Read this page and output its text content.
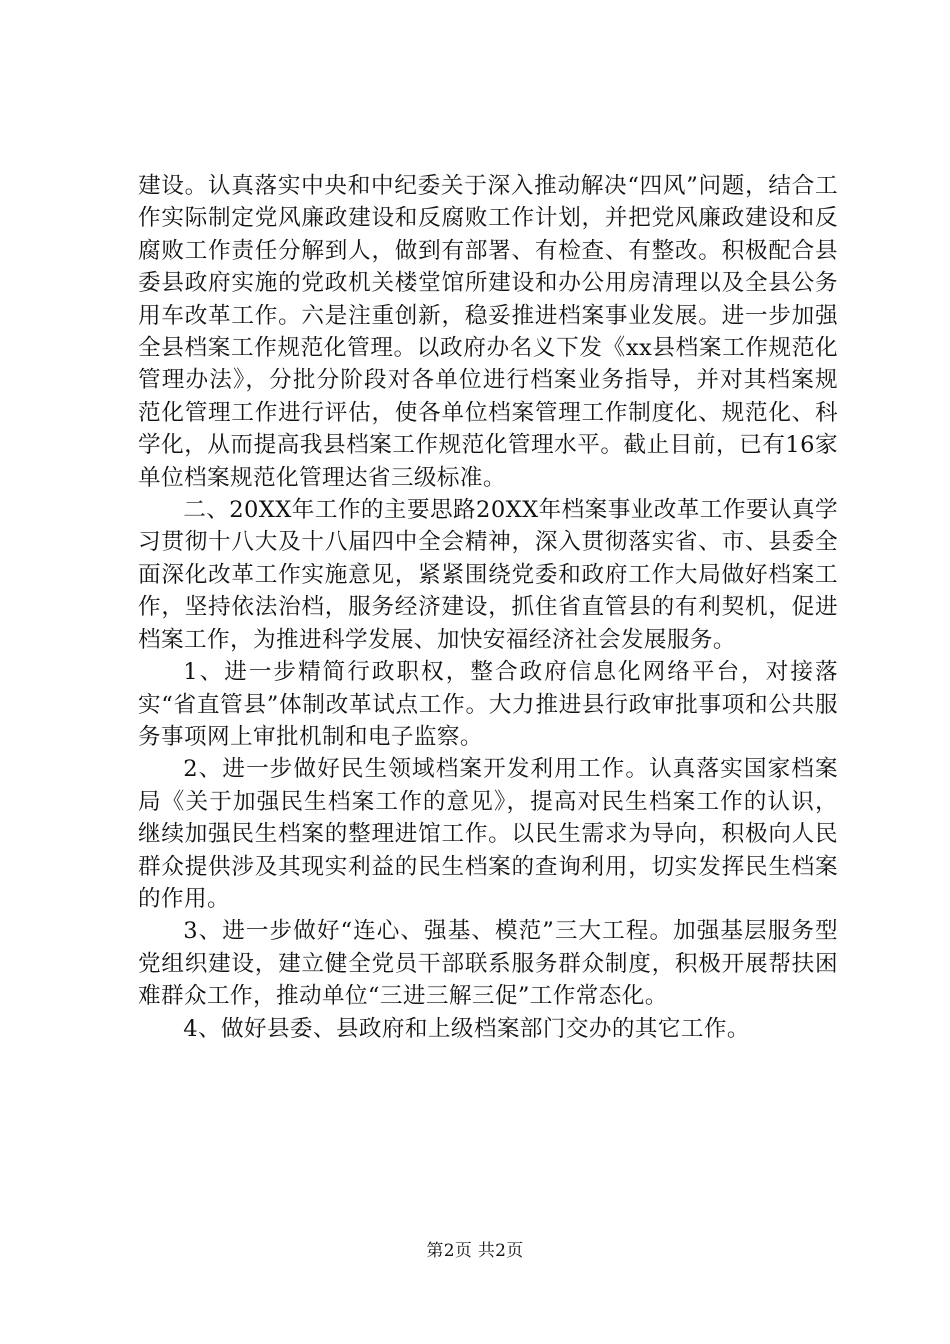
建设。认真落实中央和中纪委关于深入推动解决“四风”问题，结合工作实际制定党风廉政建设和反腐败工作计划，并把党风廉政建设和反腐败工作责任分解到人，做到有部署、有检查、有整改。积极配合县委县政府实施的党政机关楼堂馆所建设和办公用房清理以及全县公务用车改革工作。六是注重创新，稳妥推进档案事业发展。进一步加强全县档案工作规范化管理。以政府办名义下发《xx县档案工作规范化管理办法》，分批分阶段对各单位进行档案业务指导，并对其档案规范化管理工作进行评估，使各单位档案管理工作制度化、规范化、科学化，从而提高我县档案工作规范化管理水平。截止目前，已有16家单位档案规范化管理达省三级标准。

二、20XX年工作的主要思路20XX年档案事业改革工作要认真学习贯彻十八大及十八届四中全会精神，深入贯彻落实省、市、县委全面深化改革工作实施意见，紧紧围绕党委和政府工作大局做好档案工作，坚持依法治档，服务经济建设，抓住省直管县的有利契机，促进档案工作，为推进科学发展、加快安福经济社会发展服务。

1、进一步精简行政职权，整合政府信息化网络平台，对接落实“省直管县”体制改革试点工作。大力推进县行政审批事项和公共服务事项网上审批机制和电子监察。

2、进一步做好民生领域档案开发利用工作。认真落实国家档案局《关于加强民生档案工作的意见》，提高对民生档案工作的认识，继续加强民生档案的整理进馆工作。以民生需求为导向，积极向人民群众提供涉及其现实利益的民生档案的查询利用，切实发挥民生档案的作用。

3、进一步做好“连心、强基、模范”三大工程。加强基层服务型党组织建设，建立健全党员干部联系服务群众制度，积极开展帮扶困难群众工作，推动单位“三进三解三促”工作常态化。

4、做好县委、县政府和上级档案部门交办的其它工作。

第2页 共2页
